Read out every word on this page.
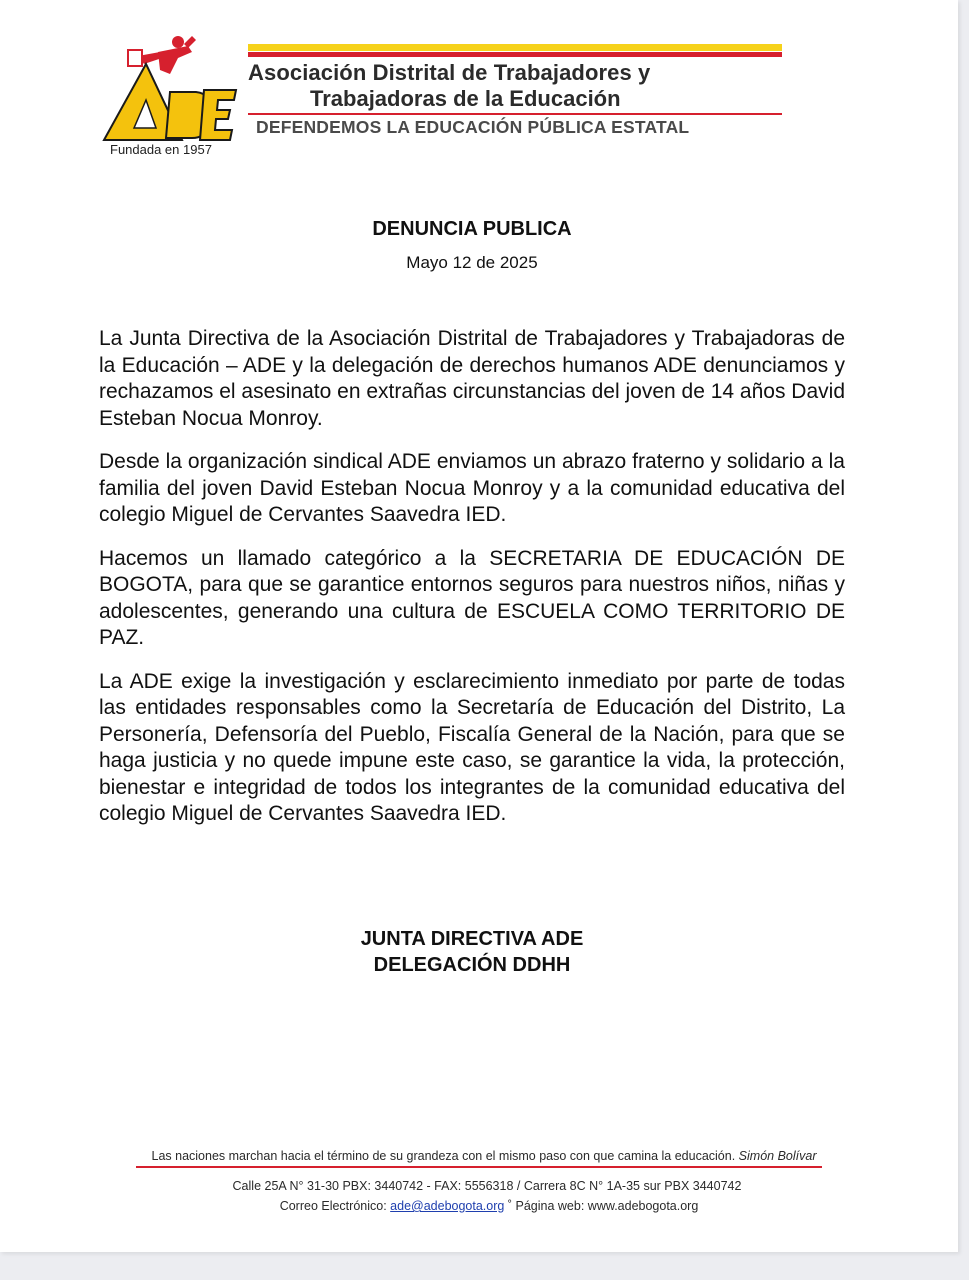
Fundada en 1957
Asociación Distrital de Trabajadores y
Trabajadoras de la Educación
DEFENDEMOS LA EDUCACIÓN PÚBLICA ESTATAL
DENUNCIA PUBLICA
Mayo 12 de 2025

La Junta Directiva de la Asociación Distrital de Trabajadores y Trabajadoras de la Educación – ADE y la delegación de derechos humanos ADE denunciamos y rechazamos el asesinato en extrañas circunstancias del joven de 14 años David Esteban Nocua Monroy.

Desde la organización sindical ADE enviamos un abrazo fraterno y solidario a la familia del joven David Esteban Nocua Monroy y a la comunidad educativa del colegio Miguel de Cervantes Saavedra IED.

Hacemos un llamado categórico a la SECRETARIA DE EDUCACIÓN DE BOGOTA, para que se garantice entornos seguros para nuestros niños, niñas y adolescentes, generando una cultura de ESCUELA COMO TERRITORIO DE PAZ.

La ADE exige la investigación y esclarecimiento inmediato por parte de todas las entidades responsables como la Secretaría de Educación del Distrito, La Personería, Defensoría del Pueblo, Fiscalía General de la Nación, para que se haga justicia y no quede impune este caso, se garantice la vida, la protección, bienestar e integridad de todos los integrantes de la comunidad educativa del colegio Miguel de Cervantes Saavedra IED.

JUNTA DIRECTIVA ADE
DELEGACIÓN DDHH
Las naciones marchan hacia el término de su grandeza con el mismo paso con que camina la educación. Simón Bolívar
Calle 25A N° 31-30 PBX: 3440742 - FAX: 5556318 / Carrera 8C N° 1A-35 sur PBX 3440742
Correo Electrónico: ade@adebogota.org ˚ Página web: www.adebogota.org
